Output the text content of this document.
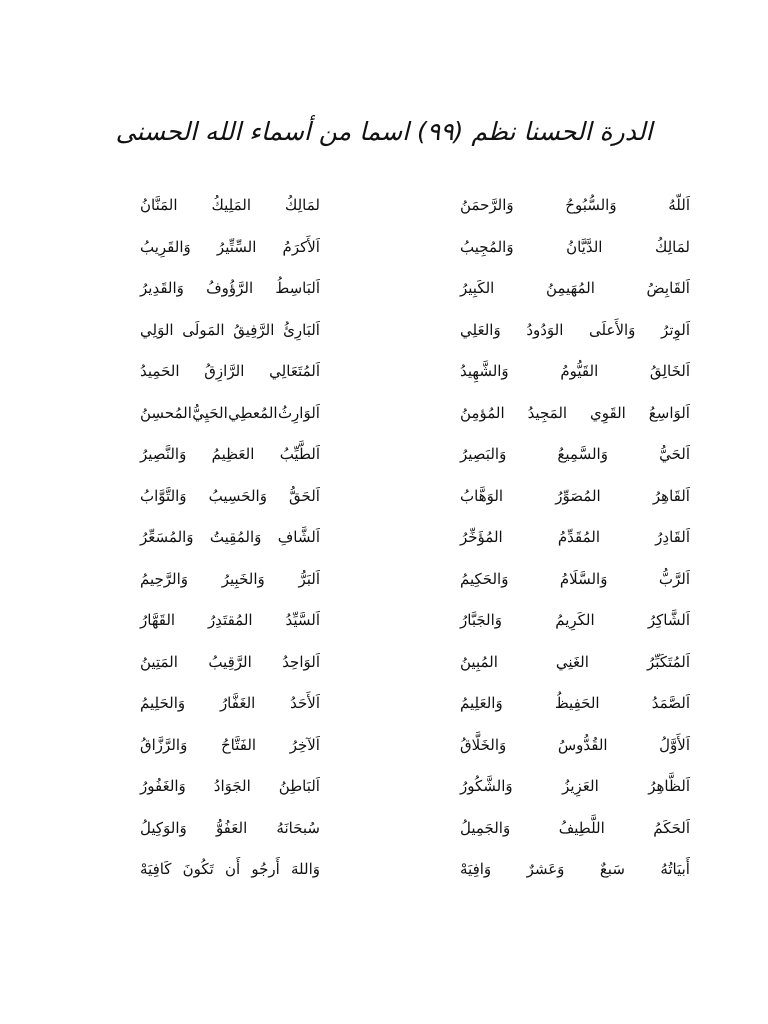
الدرة الحسنا نظم (٩٩) اسما من أسماء الله الحسنى
اَللّهُ
وَالسُّبُوحُ
وَالرَّحمَنُ
لمَالِكُ
المَلِيكُ
المَنَّانُ
لمَالِكُ
الدَّيَّانُ
وَالمُجِيبُ
اَلأَكرَمُ
السِّتِّيرُ
وَالقَرِيبُ
اَلقَابِضُ
المُهَيمِنُ
الكَبِيرُ
اَلبَاسِطُ
الرَّؤُوفُ
وَالقَدِيرُ
اَلوِترُ
وَالأَعلَى
الوَدُودُ
وَالعَلِي
اَلبَارِئُ
الرَّفِيقُ
المَولَى
الوَلِي
اَلخَالِقُ
القَيُّومُ
وَالشَّهِيدُ
اَلمُتَعَالِي
الرَّازِقُ
الحَمِيدُ
اَلوَاسِعُ
القَوِي
المَجِيدُ
المُؤمِنُ
اَلوَارِثُ
المُعطِي
الحَيِيُّ
المُحسِنُ
اَلحَيُّ
وَالسَّمِيعُ
وَالبَصِيرُ
اَلطَّيِّبُ
العَظِيمُ
وَالنَّصِيرُ
اَلقَاهِرُ
المُصَوِّرُ
الوَهَّابُ
اَلحَقُّ
وَالحَسِيبُ
وَالتَّوَّابُ
اَلقَادِرُ
المُقَدِّمُ
المُؤَخِّرُ
اَلشَّافِ
وَالمُقِيتُ
وَالمُسَعِّرُ
اَلرَّبُّ
وَالسَّلَامُ
وَالحَكِيمُ
اَلبَرُّ
وَالخَبِيرُ
وَالرَّحِيمُ
اَلشَّاكِرُ
الكَرِيمُ
وَالجَبَّارُ
اَلسَّيِّدُ
المُقتَدِرُ
القَهَّارُ
اَلمُتَكَبِّرُ
الغَنِي
المُبِينُ
اَلوَاحِدُ
الرَّقِيبُ
المَتِينُ
اَلصَّمَدُ
الحَفِيظُ
وَالعَلِيمُ
اَلأَحَدُ
الغَفَّارُ
وَالحَلِيمُ
اَلأَوَّلُ
القُدُّوسُ
وَالخَلَّاقُ
اَلآخِرُ
الفَتَّاحُ
وَالرَّزَّاقُ
اَلظَّاهِرُ
العَزِيزُ
وَالشَّكُورُ
اَلبَاطِنُ
الجَوَادُ
وَالغَفُورُ
اَلحَكَمُ
اللَّطِيفُ
وَالجَمِيلُ
سُبحَانَهُ
العَفُوُّ
وَالوَكِيلُ
أَبيَاتُهُ
سَبعٌ
وَعَشرٌ
وَافِيَهْ
وَاللهَ
أَرجُو
أَن
تَكُونَ
كَافِيَهْ
